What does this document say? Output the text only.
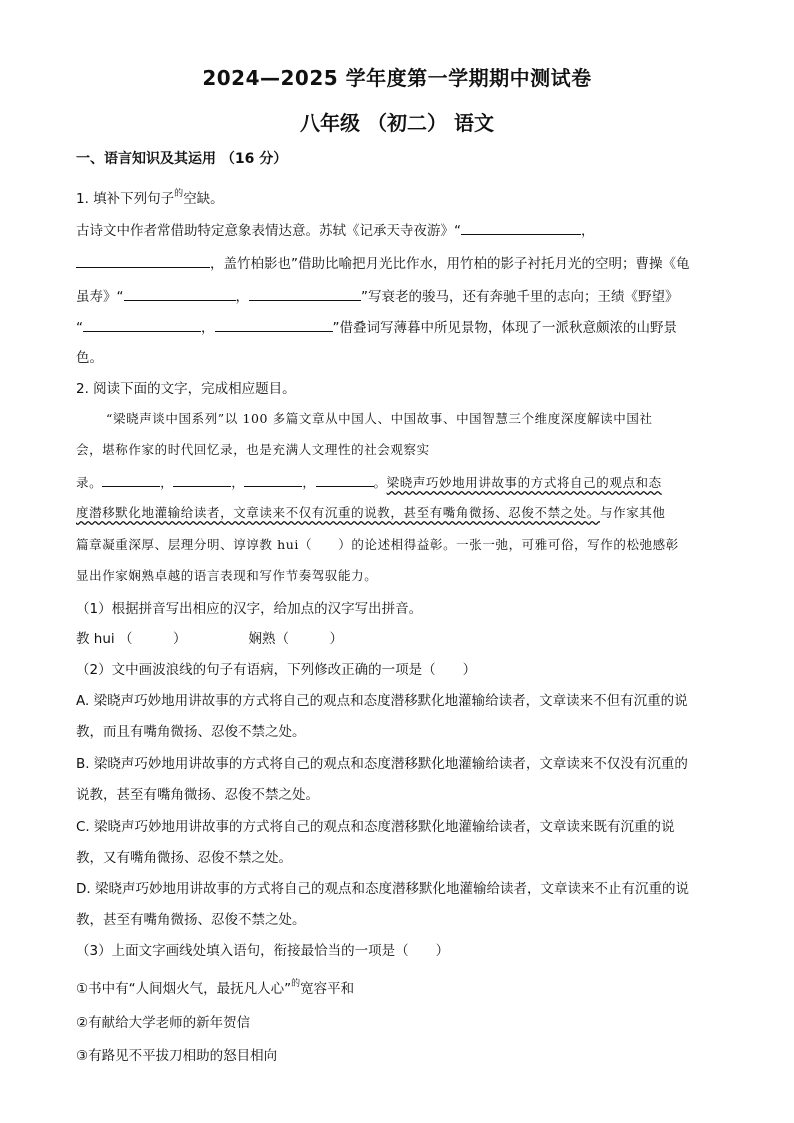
2024—2025 学年度第一学期期中测试卷
八年级 （初二） 语文
一、语言知识及其运用 （16 分）
1. 填补下列句子$^的$空缺。
古诗文中作者常借助特定意象表情达意。苏轼《记承天寺夜游》“	，
，盖竹柏影也”借助比喻把月光比作水，用竹柏的影子衬托月光的空明；曹操《龟
虽寿》“	，	”写衰老的骏马，还有奔驰千里的志向；王绩《野望》
“	，	”借叠词写薄暮中所见景物，体现了一派秋意颇浓的山野景
色。
2. 阅读下面的文字，完成相应题目。
“梁晓声谈中国系列”以 100 多篇文章从中国人、中国故事、中国智慧三个维度深度解读中国社
会，堪称作家的时代回忆录，也是充满人文理性的社会观察实
录。	，	，	，	。梁晓声巧妙地用讲故事的方式将自己的观点和态
度潜移默化地灌输给读者，文章读来不仅有沉重的说教，甚至有嘴角微扬、忍俊不禁之处。与作家其他
篇章凝重深厚、层理分明、谆谆教 hui（　　）的论述相得益彰。一张一弛，可雅可俗，写作的松弛感彰
显出作家娴熟卓越的语言表现和写作节奏驾驭能力。
（1）根据拼音写出相应的汉字，给加点的汉字写出拼音。
教 hui （　　　）	娴熟（　　　）
（2）文中画波浪线的句子有语病，下列修改正确的一项是（　　）
A. 梁晓声巧妙地用讲故事的方式将自己的观点和态度潜移默化地灌输给读者，文章读来不但有沉重的说
教，而且有嘴角微扬、忍俊不禁之处。
B. 梁晓声巧妙地用讲故事的方式将自己的观点和态度潜移默化地灌输给读者，文章读来不仅没有沉重的
说教，甚至有嘴角微扬、忍俊不禁之处。
C. 梁晓声巧妙地用讲故事的方式将自己的观点和态度潜移默化地灌输给读者，文章读来既有沉重的说
教，又有嘴角微扬、忍俊不禁之处。
D. 梁晓声巧妙地用讲故事的方式将自己的观点和态度潜移默化地灌输给读者，文章读来不止有沉重的说
教，甚至有嘴角微扬、忍俊不禁之处。
（3）上面文字画线处填入语句，衔接最恰当的一项是（　　）
①书中有“人间烟火气，最抚凡人心”$^的$宽容平和
②有献给大学老师的新年贺信
③有路见不平拔刀相助的怒目相向
